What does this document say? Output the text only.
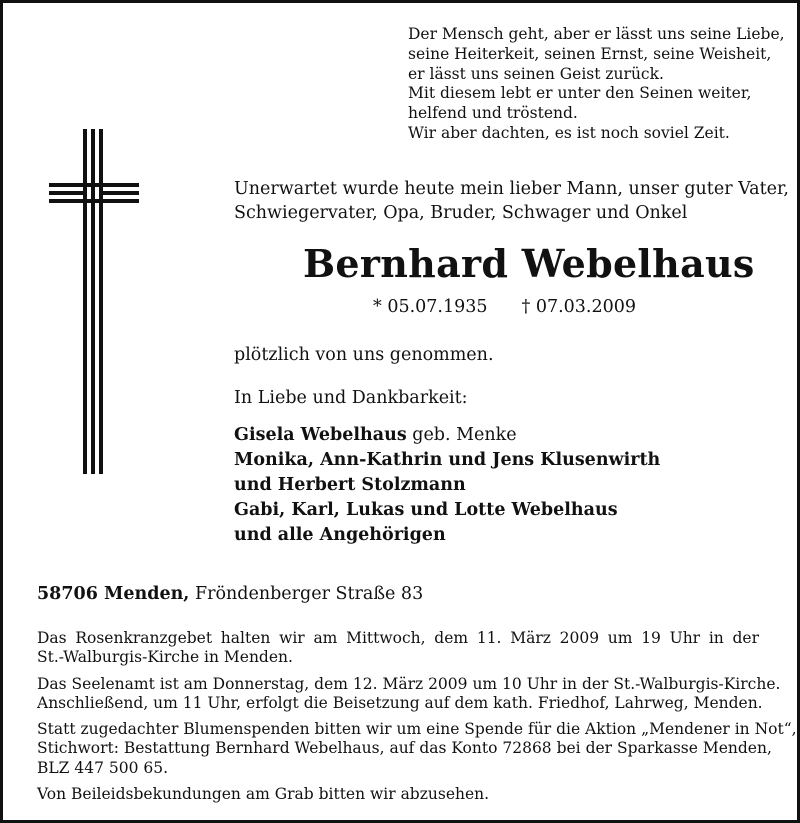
Der Mensch geht, aber er lässt uns seine Liebe,
seine Heiterkeit, seinen Ernst, seine Weisheit,
er lässt uns seinen Geist zurück.
Mit diesem lebt er unter den Seinen weiter,
helfend und tröstend.
Wir aber dachten, es ist noch soviel Zeit.
Unerwartet wurde heute mein lieber Mann, unser guter Vater,
Schwiegervater, Opa, Bruder, Schwager und Onkel
Bernhard Webelhaus
* 05.07.1935 † 07.03.2009
plötzlich von uns genommen.
In Liebe und Dankbarkeit:
Gisela Webelhaus geb. Menke
Monika, Ann-Kathrin und Jens Klusenwirth
und Herbert Stolzmann
Gabi, Karl, Lukas und Lotte Webelhaus
und alle Angehörigen
58706 Menden, Fröndenberger Straße 83

Das Rosenkranzgebet halten wir am Mittwoch, dem 11. März 2009 um 19 Uhr in der
St.-Walburgis-Kirche in Menden.

Das Seelenamt ist am Donnerstag, dem 12. März 2009 um 10 Uhr in der St.-Walburgis-Kirche.
Anschließend, um 11 Uhr, erfolgt die Beisetzung auf dem kath. Friedhof, Lahrweg, Menden.

Statt zugedachter Blumenspenden bitten wir um eine Spende für die Aktion „Mendener in Not“,
Stichwort: Bestattung Bernhard Webelhaus, auf das Konto 72868 bei der Sparkasse Menden,
BLZ 447 500 65.

Von Beileidsbekundungen am Grab bitten wir abzusehen.
